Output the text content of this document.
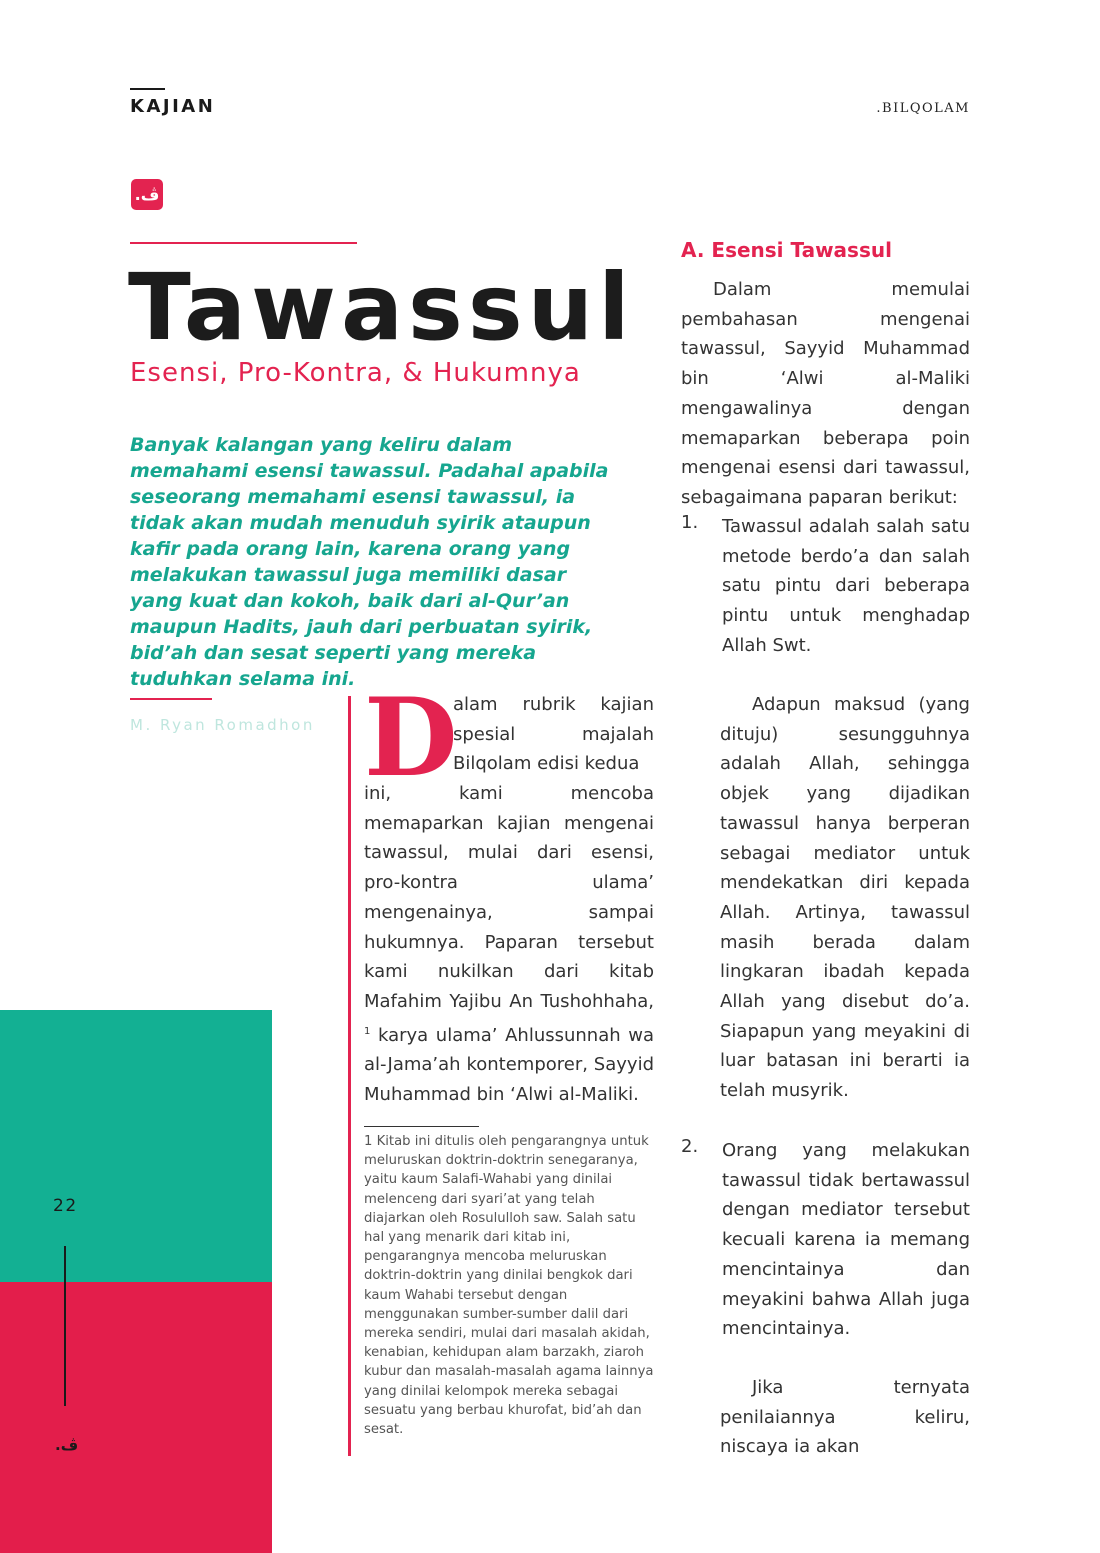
KAJIAN	.BILQOLAM
.ڤ
Tawassul
Esensi, Pro-Kontra, & Hukumnya
Banyak kalangan yang keliru dalam memahami esensi tawassul. Padahal apabila seseorang memahami esensi tawassul, ia tidak akan mudah menuduh syirik ataupun kafir pada orang lain, karena orang yang melakukan tawassul juga memiliki dasar yang kuat dan kokoh, baik dari al-Qur’an maupun Hadits, jauh dari perbuatan syirik, bid’ah dan sesat seperti yang mereka tuduhkan selama ini.
M. Ryan Romadhon
22
.ڤ
D
alam rubrik kajian spesial majalah Bilqolam edisi kedua
ini, kami mencoba memaparkan kajian mengenai tawassul, mulai dari esensi, pro-kontra ulama’ mengenainya, sampai hukumnya. Paparan tersebut kami nukilkan dari kitab Mafahim Yajibu An Tushohhaha, $^1$ karya ulama’ Ahlussunnah wa al-Jama’ah kontemporer, Sayyid Muhammad bin ‘Alwi al-Maliki.
1 Kitab ini ditulis oleh pengarangnya untuk meluruskan doktrin-doktrin senegaranya, yaitu kaum Salafi-Wahabi yang dinilai melenceng dari syari’at yang telah diajarkan oleh Rosululloh saw. Salah satu hal yang menarik dari kitab ini, pengarangnya mencoba meluruskan doktrin-doktrin yang dinilai bengkok dari kaum Wahabi tersebut dengan menggunakan sumber-sumber dalil dari mereka sendiri, mulai dari masalah akidah, kenabian, kehidupan alam barzakh, ziaroh kubur dan masalah-masalah agama lainnya yang dinilai kelompok mereka sebagai sesuatu yang berbau khurofat, bid’ah dan sesat.
A. Esensi Tawassul
Dalam memulai pembahasan mengenai tawassul, Sayyid Muhammad bin ‘Alwi al-Maliki mengawalinya dengan memaparkan beberapa poin mengenai esensi dari tawassul, sebagaimana paparan berikut:
1. Tawassul adalah salah satu metode berdo’a dan salah satu pintu dari beberapa pintu untuk menghadap Allah Swt.
Adapun maksud (yang dituju) sesungguhnya adalah Allah, sehingga objek yang dijadikan tawassul hanya berperan sebagai mediator untuk mendekatkan diri kepada Allah. Artinya, tawassul masih berada dalam lingkaran ibadah kepada Allah yang disebut do’a. Siapapun yang meyakini di luar batasan ini berarti ia telah musyrik.
2. Orang yang melakukan tawassul tidak bertawassul dengan mediator tersebut kecuali karena ia memang mencintainya dan meyakini bahwa Allah juga mencintainya.
Jika ternyata penilaiannya keliru, niscaya ia akan
